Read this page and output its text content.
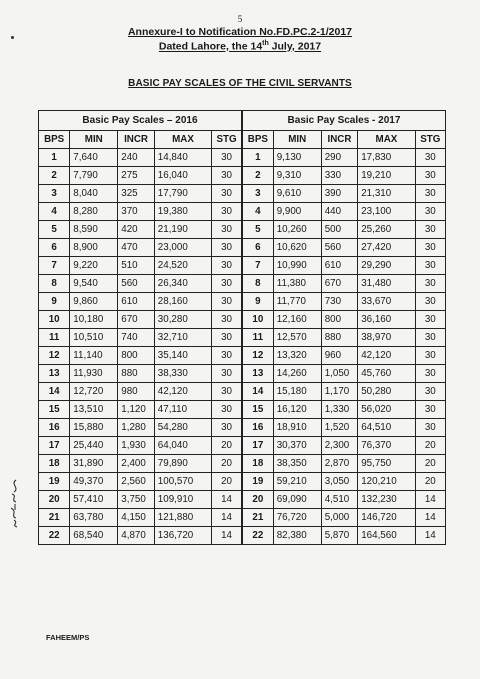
5
Annexure-I to Notification No.FD.PC.2-1/2017
Dated Lahore, the 14th July, 2017
BASIC PAY SCALES OF THE CIVIL SERVANTS
Basic Pay Scales – 2016					Basic Pay Scales - 2017				
BPS	MIN	INCR	MAX	STG	BPS	MIN	INCR	MAX	STG
1	7,640	240	14,840	30	1	9,130	290	17,830	30
2	7,790	275	16,040	30	2	9,310	330	19,210	30
3	8,040	325	17,790	30	3	9,610	390	21,310	30
4	8,280	370	19,380	30	4	9,900	440	23,100	30
5	8,590	420	21,190	30	5	10,260	500	25,260	30
6	8,900	470	23,000	30	6	10,620	560	27,420	30
7	9,220	510	24,520	30	7	10,990	610	29,290	30
8	9,540	560	26,340	30	8	11,380	670	31,480	30
9	9,860	610	28,160	30	9	11,770	730	33,670	30
10	10,180	670	30,280	30	10	12,160	800	36,160	30
11	10,510	740	32,710	30	11	12,570	880	38,970	30
12	11,140	800	35,140	30	12	13,320	960	42,120	30
13	11,930	880	38,330	30	13	14,260	1,050	45,760	30
14	12,720	980	42,120	30	14	15,180	1,170	50,280	30
15	13,510	1,120	47,110	30	15	16,120	1,330	56,020	30
16	15,880	1,280	54,280	30	16	18,910	1,520	64,510	30
17	25,440	1,930	64,040	20	17	30,370	2,300	76,370	20
18	31,890	2,400	79,890	20	18	38,350	2,870	95,750	20
19	49,370	2,560	100,570	20	19	59,210	3,050	120,210	20
20	57,410	3,750	109,910	14	20	69,090	4,510	132,230	14
21	63,780	4,150	121,880	14	21	76,720	5,000	146,720	14
22	68,540	4,870	136,720	14	22	82,380	5,870	164,560	14
FAHEEM/PS
